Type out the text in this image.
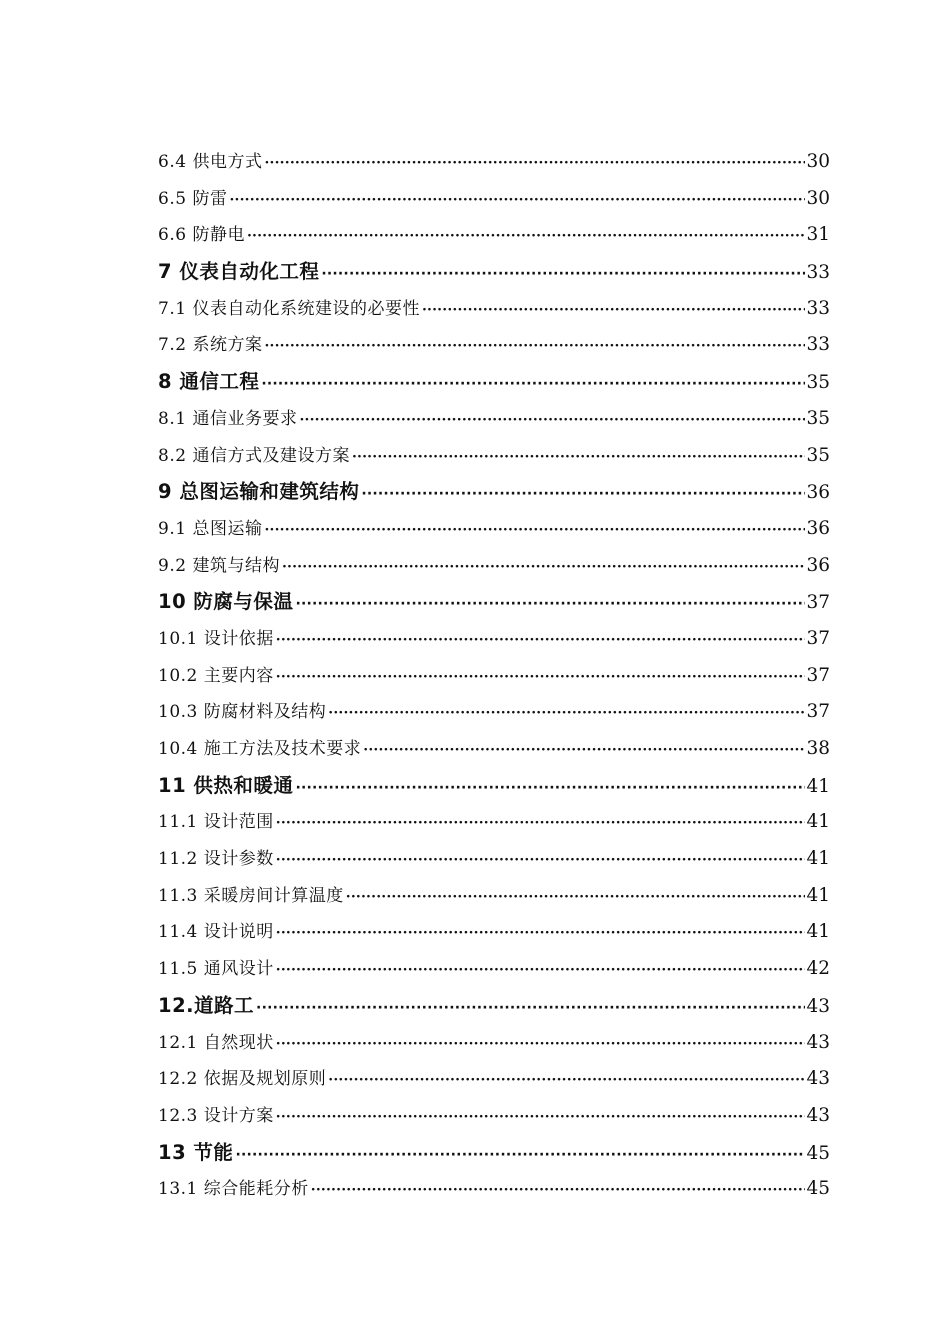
6.4 供电方式 ·····	30
6.5 防雷 ·····	30
6.6 防静电 ·····	31
7 仪表自动化工程 ·····	33
7.1 仪表自动化系统建设的必要性 ·····	33
7.2 系统方案 ·····	33
8 通信工程 ·····	35
8.1 通信业务要求 ·····	35
8.2 通信方式及建设方案 ·····	35
9 总图运输和建筑结构 ·····	36
9.1 总图运输 ·····	36
9.2 建筑与结构 ·····	36
10 防腐与保温 ·····	37
10.1 设计依据 ·····	37
10.2 主要内容 ·····	37
10.3 防腐材料及结构 ·····	37
10.4 施工方法及技术要求 ·····	38
11 供热和暖通 ·····	41
11.1 设计范围 ·····	41
11.2 设计参数 ·····	41
11.3 采暖房间计算温度 ·····	41
11.4 设计说明 ·····	41
11.5 通风设计 ·····	42
12.道路工 ·····	43
12.1 自然现状 ·····	43
12.2 依据及规划原则 ·····	43
12.3 设计方案 ·····	43
13 节能 ·····	45
13.1 综合能耗分析 ·····	45
